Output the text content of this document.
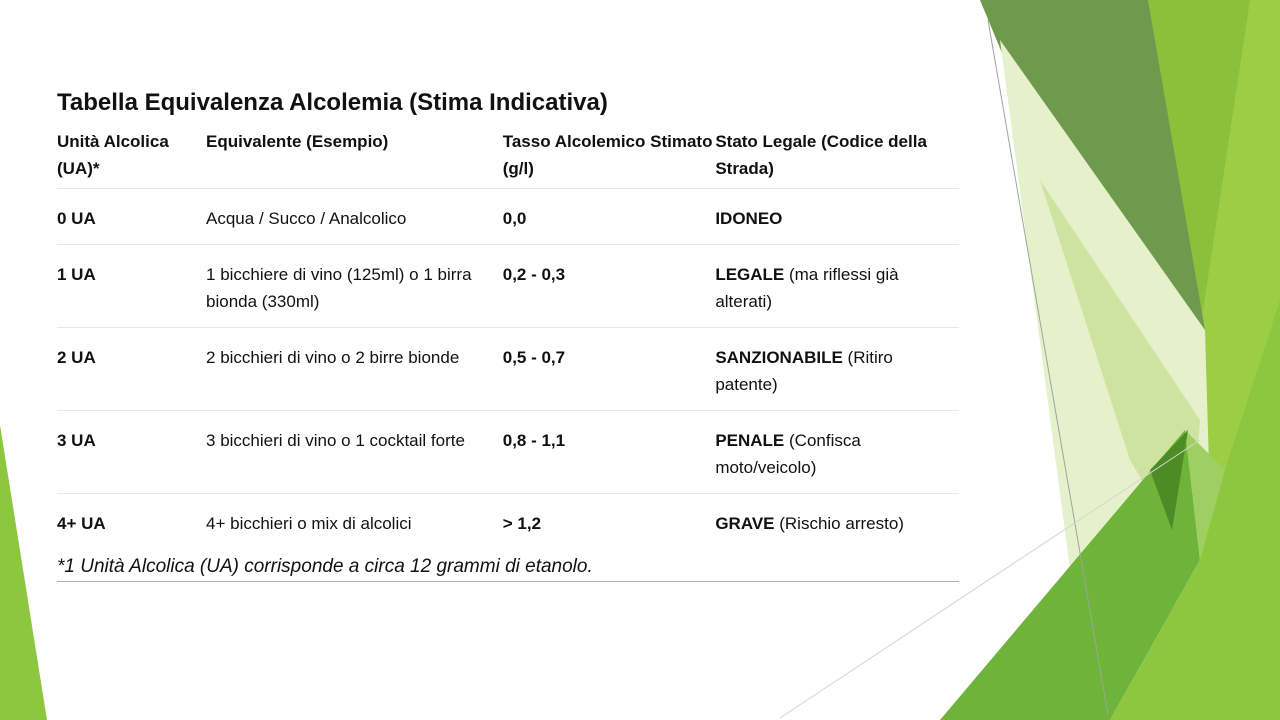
Tabella Equivalenza Alcolemia (Stima Indicativa)
Unità Alcolica (UA)*	Equivalente (Esempio)	Tasso Alcolemico Stimato (g/l)	Stato Legale (Codice della Strada)
0 UA	Acqua / Succo / Analcolico	0,0	IDONEO
1 UA	1 bicchiere di vino (125ml) o 1 birra bionda (330ml)	0,2 - 0,3	LEGALE (ma riflessi già alterati)
2 UA	2 bicchieri di vino o 2 birre bionde	0,5 - 0,7	SANZIONABILE (Ritiro patente)
3 UA	3 bicchieri di vino o 1 cocktail forte	0,8 - 1,1	PENALE (Confisca moto/veicolo)
4+ UA	4+ bicchieri o mix di alcolici	> 1,2	GRAVE (Rischio arresto)

*1 Unità Alcolica (UA) corrisponde a circa 12 grammi di etanolo.
